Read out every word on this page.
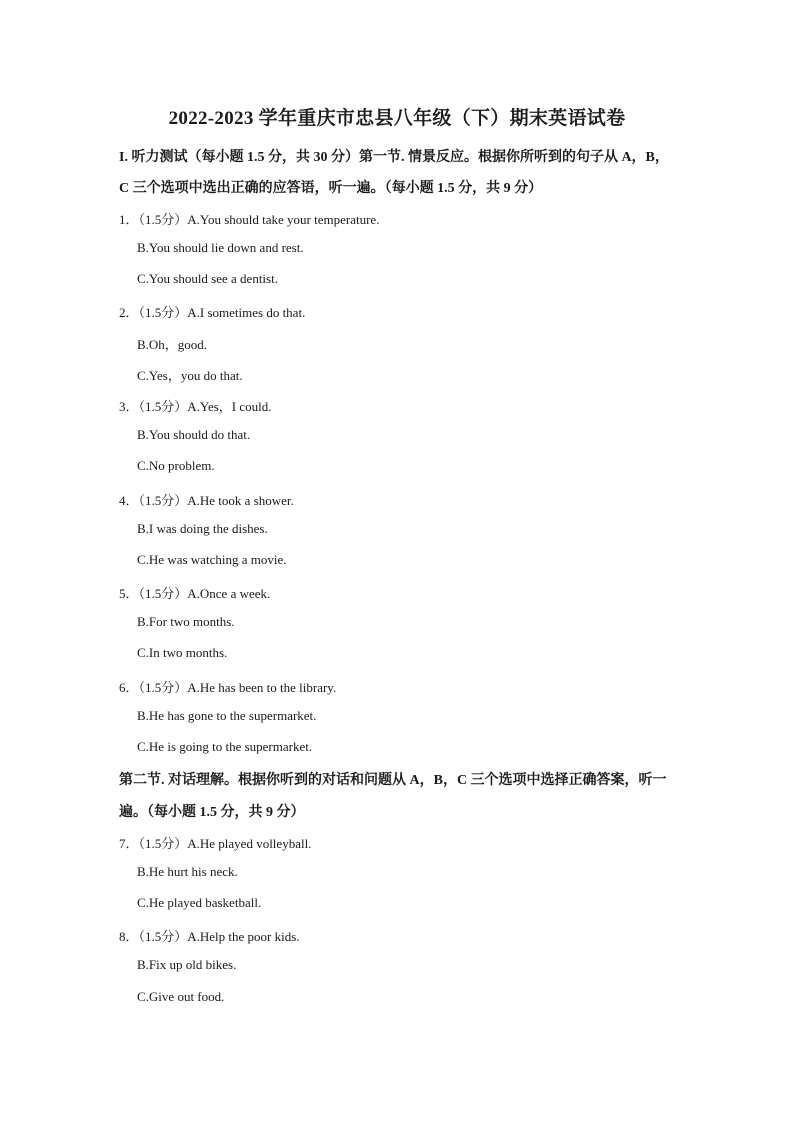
2022-2023 学年重庆市忠县八年级（下）期末英语试卷
I. 听力测试（每小题 1.5 分，共 30 分）第一节. 情景反应。根据你所听到的句子从 A，B，
C 三个选项中选出正确的应答语，听一遍。（每小题 1.5 分，共 9 分）
1．（1.5分）A.You should take your temperature.
B.You should lie down and rest.
C.You should see a dentist.
2．（1.5分）A.I sometimes do that.
B.Oh，good.
C.Yes，you do that.
3．（1.5分）A.Yes，I could.
B.You should do that.
C.No problem.
4．（1.5分）A.He took a shower.
B.I was doing the dishes.
C.He was watching a movie.
5．（1.5分）A.Once a week.
B.For two months.
C.In two months.
6．（1.5分）A.He has been to the library.
B.He has gone to the supermarket.
C.He is going to the supermarket.
第二节. 对话理解。根据你听到的对话和问题从 A，B，C 三个选项中选择正确答案，听一
遍。（每小题 1.5 分，共 9 分）
7．（1.5分）A.He played volleyball.
B.He hurt his neck.
C.He played basketball.
8．（1.5分）A.Help the poor kids.
B.Fix up old bikes.
C.Give out food.
